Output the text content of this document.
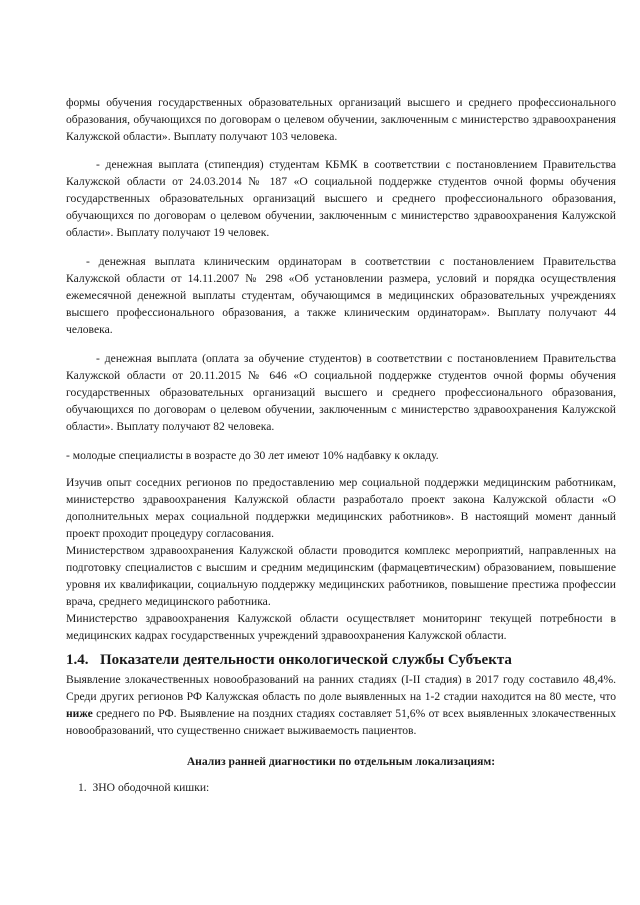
формы обучения государственных образовательных организаций высшего и среднего профессионального образования, обучающихся по договорам о целевом обучении, заключенным с министерство здравоохранения Калужской области». Выплату получают 103 человека.

- денежная выплата (стипендия) студентам КБМК в соответствии с постановлением Правительства Калужской области от 24.03.2014 № 187 «О социальной поддержке студентов очной формы обучения государственных образовательных организаций высшего и среднего профессионального образования, обучающихся по договорам о целевом обучении, заключенным с министерство здравоохранения Калужской области». Выплату получают 19 человек.

- денежная выплата клиническим ординаторам в соответствии с постановлением Правительства Калужской области от 14.11.2007 № 298 «Об установлении размера, условий и порядка осуществления ежемесячной денежной выплаты студентам, обучающимся в медицинских образовательных учреждениях высшего профессионального образования, а также клиническим ординаторам». Выплату получают 44 человека.

- денежная выплата (оплата за обучение студентов) в соответствии с постановлением Правительства Калужской области от 20.11.2015 № 646 «О социальной поддержке студентов очной формы обучения государственных образовательных организаций высшего и среднего профессионального образования, обучающихся по договорам о целевом обучении, заключенным с министерство здравоохранения Калужской области». Выплату получают 82 человека.

- молодые специалисты в возрасте до 30 лет имеют 10% надбавку к окладу.

Изучив опыт соседних регионов по предоставлению мер социальной поддержки медицинским работникам, министерство здравоохранения Калужской области разработало проект закона Калужской области «О дополнительных мерах социальной поддержки медицинских работников». В настоящий момент данный проект проходит процедуру согласования.

Министерством здравоохранения Калужской области проводится комплекс мероприятий, направленных на подготовку специалистов с высшим и средним медицинским (фармацевтическим) образованием, повышение уровня их квалификации, социальную поддержку медицинских работников, повышение престижа профессии врача, среднего медицинского работника.

Министерство здравоохранения Калужской области осуществляет мониторинг текущей потребности в медицинских кадрах государственных учреждений здравоохранения Калужской области.

1.4. Показатели деятельности онкологической службы Субъекта

Выявление злокачественных новообразований на ранних стадиях (I-II стадия) в 2017 году составило 48,4%. Среди других регионов РФ Калужская область по доле выявленных на 1-2 стадии находится на 80 месте, что ниже среднего по РФ. Выявление на поздних стадиях составляет 51,6% от всех выявленных злокачественных новообразований, что существенно снижает выживаемость пациентов.

Анализ ранней диагностики по отдельным локализациям:
1. ЗНО ободочной кишки:
